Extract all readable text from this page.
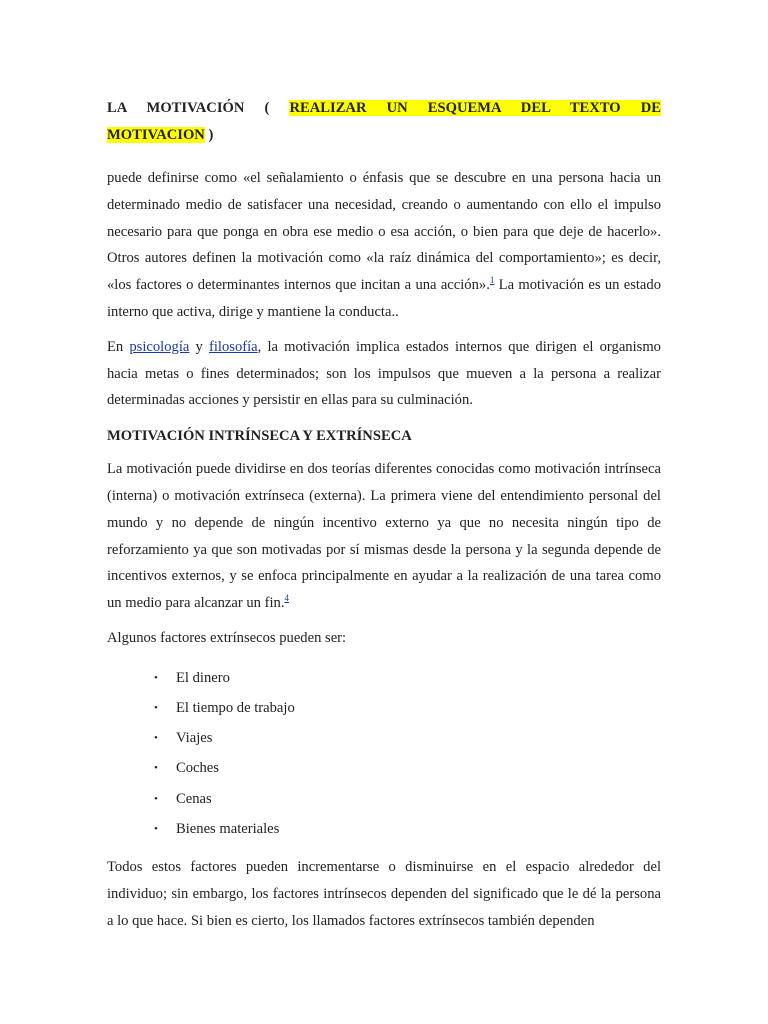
LA MOTIVACIÓN ( REALIZAR UN ESQUEMA DEL TEXTO DE
MOTIVACION )

puede definirse como «el señalamiento o énfasis que se descubre en una persona hacia un determinado medio de satisfacer una necesidad, creando o aumentando con ello el impulso necesario para que ponga en obra ese medio o esa acción, o bien para que deje de hacerlo». Otros autores definen la motivación como «la raíz dinámica del comportamiento»; es decir, «los factores o determinantes internos que incitan a una acción».$^1$ La motivación es un estado interno que activa, dirige y mantiene la conducta..

En psicología y filosofía, la motivación implica estados internos que dirigen el organismo hacia metas o fines determinados; son los impulsos que mueven a la persona a realizar determinadas acciones y persistir en ellas para su culminación.

MOTIVACIÓN INTRÍNSECA Y EXTRÍNSECA

La motivación puede dividirse en dos teorías diferentes conocidas como motivación intrínseca (interna) o motivación extrínseca (externa). La primera viene del entendimiento personal del mundo y no depende de ningún incentivo externo ya que no necesita ningún tipo de reforzamiento ya que son motivadas por sí mismas desde la persona y la segunda depende de incentivos externos, y se enfoca principalmente en ayudar a la realización de una tarea como un medio para alcanzar un fin.$^4$

Algunos factores extrínsecos pueden ser:

• El dinero
• El tiempo de trabajo
• Viajes
• Coches
• Cenas
• Bienes materiales

Todos estos factores pueden incrementarse o disminuirse en el espacio alrededor del individuo; sin embargo, los factores intrínsecos dependen del significado que le dé la persona a lo que hace. Si bien es cierto, los llamados factores extrínsecos también dependen
